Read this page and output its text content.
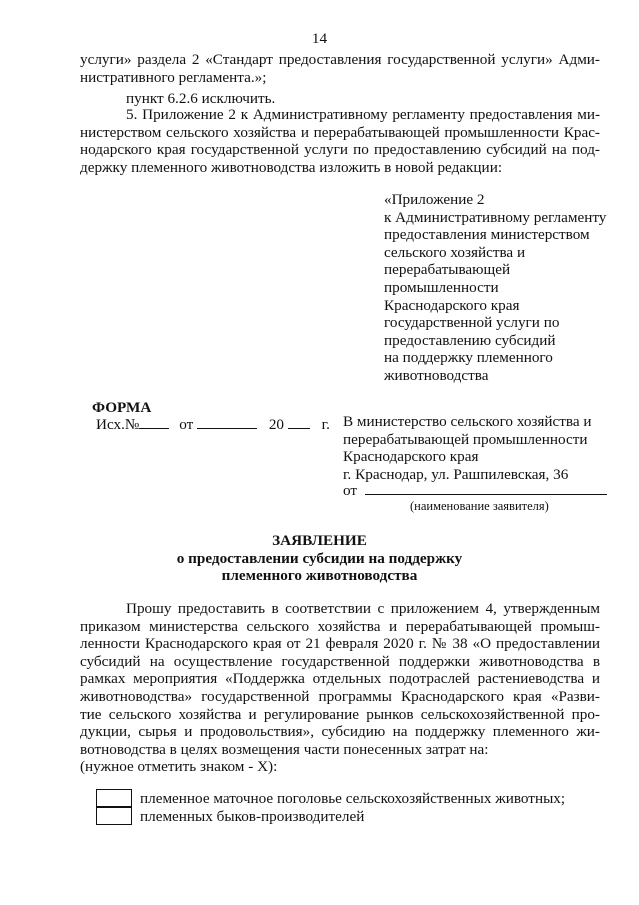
14
услуги» раздела 2 «Стандарт предоставления государственной услуги» Адми-
нистративного регламента.»;
пункт 6.2.6 исключить.
5. Приложение 2 к Административному регламенту предоставления ми-
нистерством сельского хозяйства и перерабатывающей промышленности Крас-
нодарского края государственной услуги по предоставлению субсидий на под-
держку племенного животноводства изложить в новой редакции:
«Приложение 2
к Административному регламенту
предоставления министерством
сельского хозяйства и
перерабатывающей
промышленности
Краснодарского края
государственной услуги по
предоставлению субсидий
на поддержку племенного
животноводства
ФОРМА
Исх.№	от	20 г. В министерство сельского хозяйства и
перерабатывающей промышленности
Краснодарского края
г. Краснодар, ул. Рашпилевская, 36
от
(наименование заявителя)
ЗАЯВЛЕНИЕ
о предоставлении субсидии на поддержку
племенного животноводства
Прошу предоставить в соответствии с приложением 4, утвержденным
приказом министерства сельского хозяйства и перерабатывающей промыш-
ленности Краснодарского края от 21 февраля 2020 г. № 38 «О предоставлении
субсидий на осуществление государственной поддержки животноводства в
рамках мероприятия «Поддержка отдельных подотраслей растениеводства и
животноводства» государственной программы Краснодарского края «Разви-
тие сельского хозяйства и регулирование рынков сельскохозяйственной про-
дукции, сырья и продовольствия», субсидию на поддержку племенного жи-
вотноводства в целях возмещения части понесенных затрат на:
(нужное отметить знаком - Х):
племенное маточное поголовье сельскохозяйственных животных;
племенных быков-производителей
